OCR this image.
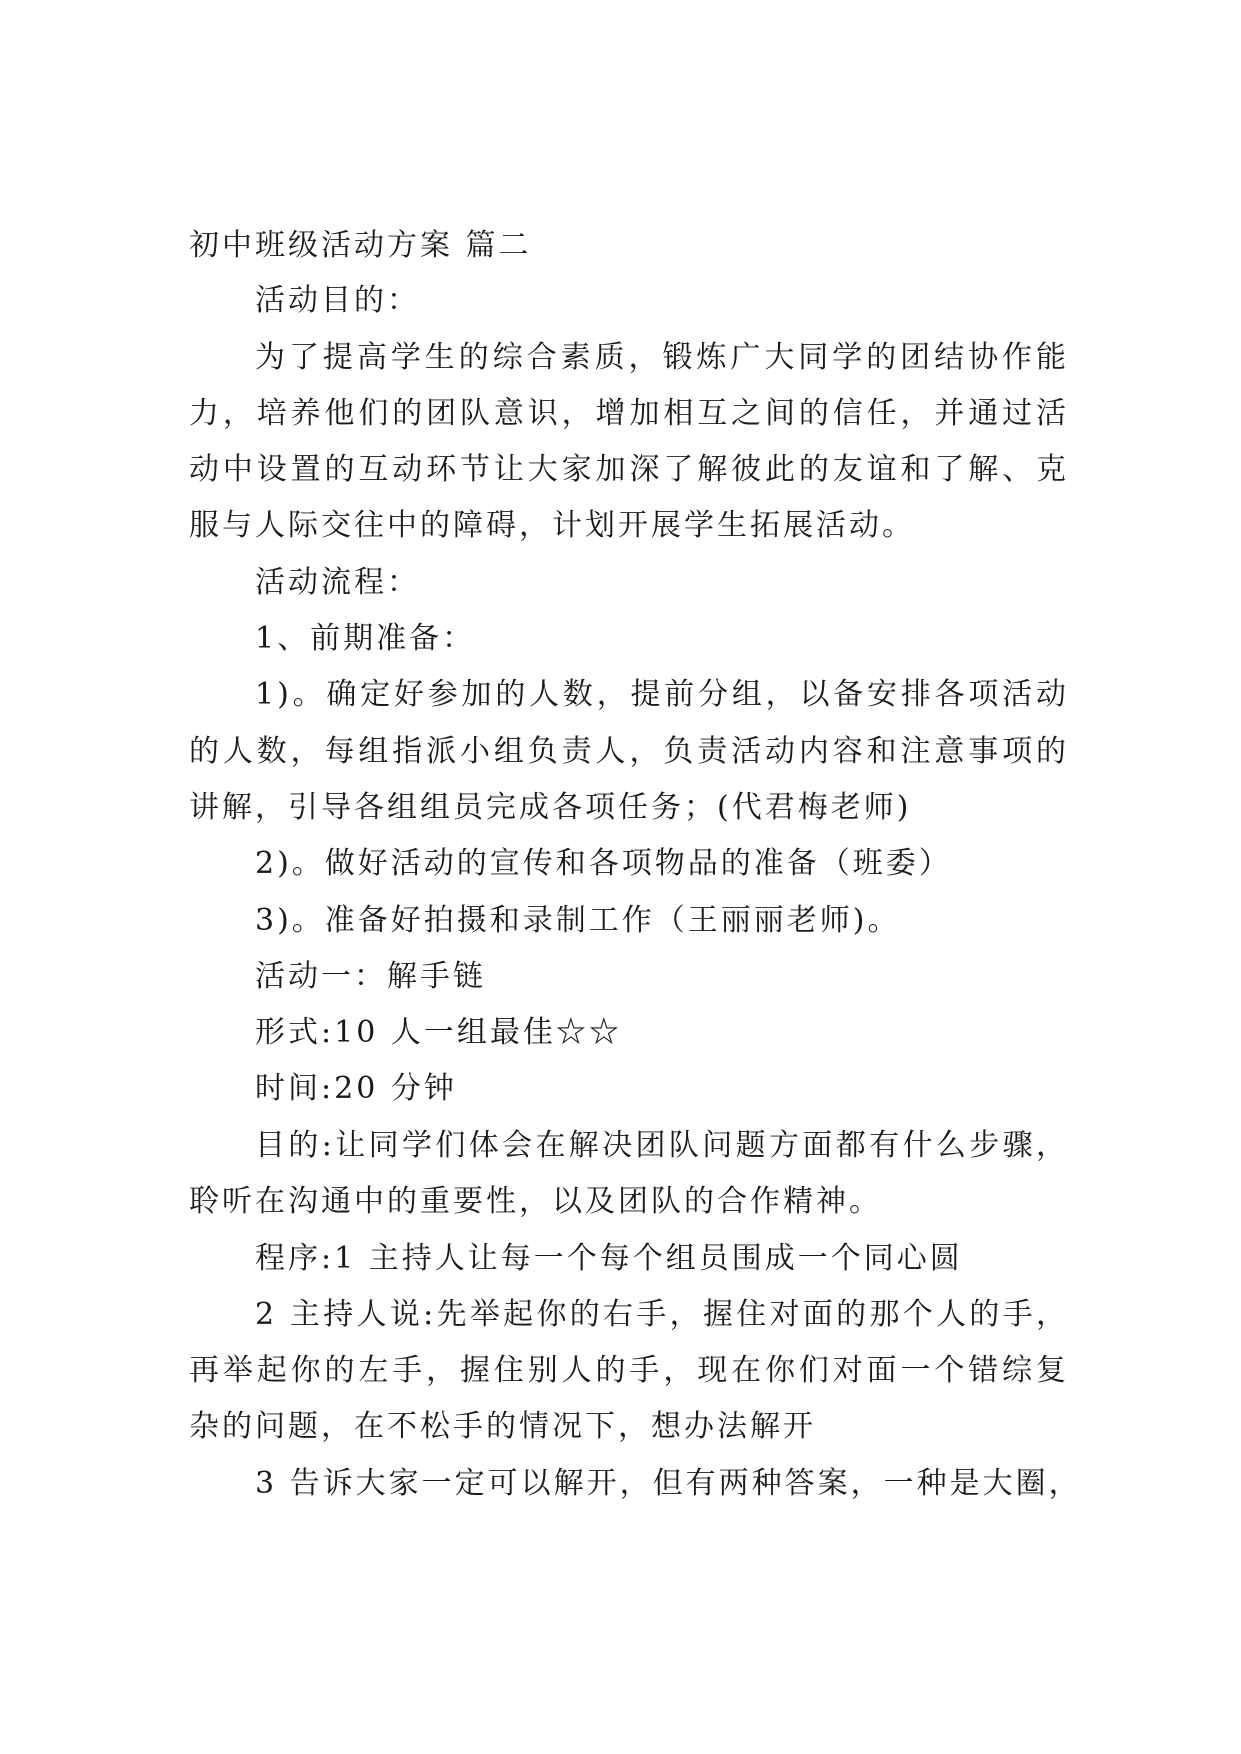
初中班级活动方案 篇二
活动目的：
为了提高学生的综合素质，锻炼广大同学的团结协作能
力，培养他们的团队意识，增加相互之间的信任，并通过活
动中设置的互动环节让大家加深了解彼此的友谊和了解、克
服与人际交往中的障碍，计划开展学生拓展活动。
活动流程：
1、前期准备：
1)。确定好参加的人数，提前分组，以备安排各项活动
的人数，每组指派小组负责人，负责活动内容和注意事项的
讲解，引导各组组员完成各项任务；(代君梅老师)
2)。做好活动的宣传和各项物品的准备（班委）
3)。准备好拍摄和录制工作（王丽丽老师)。
活动一：解手链
形式:10 人一组最佳☆☆
时间:20 分钟
目的:让同学们体会在解决团队问题方面都有什么步骤，
聆听在沟通中的重要性，以及团队的合作精神。
程序:1 主持人让每一个每个组员围成一个同心圆
2 主持人说:先举起你的右手，握住对面的那个人的手，
再举起你的左手，握住别人的手，现在你们对面一个错综复
杂的问题，在不松手的情况下，想办法解开
3 告诉大家一定可以解开，但有两种答案，一种是大圈，
